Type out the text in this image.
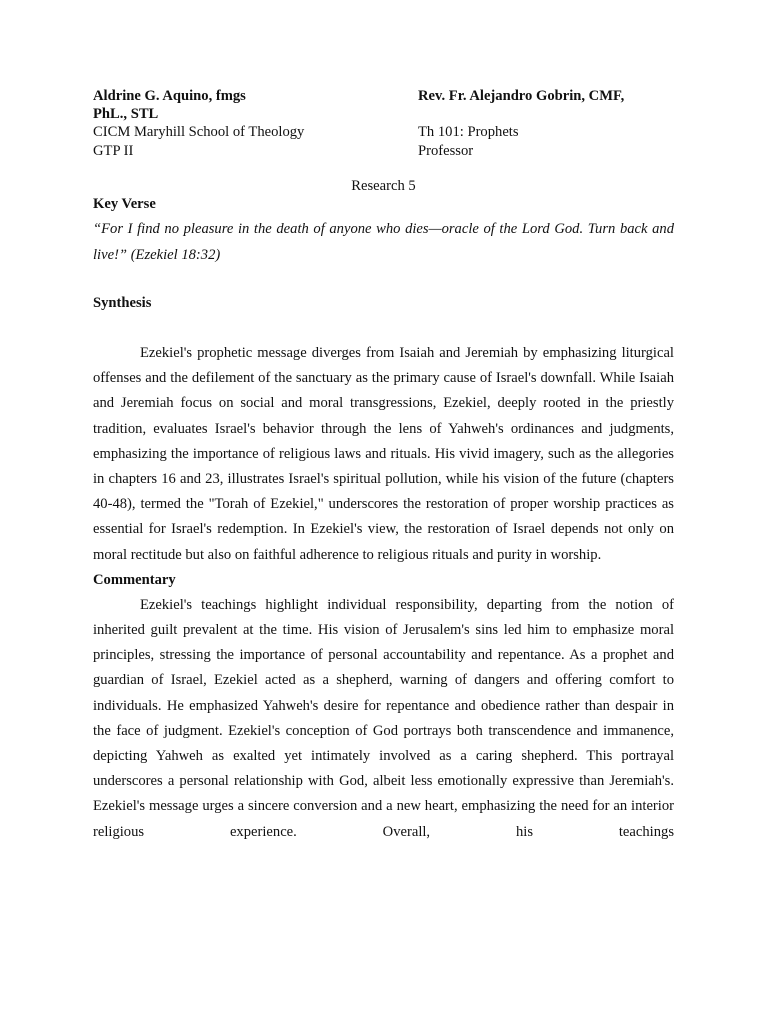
Aldrine G. Aquino, fmgs
PhL., STL
CICM Maryhill School of Theology
GTP II
Rev. Fr. Alejandro Gobrin, CMF,

Th 101: Prophets
Professor
Research 5
Key Verse
“For I find no pleasure in the death of anyone who dies—oracle of the Lord God. Turn back and live!” (Ezekiel 18:32)
Synthesis

Ezekiel's prophetic message diverges from Isaiah and Jeremiah by emphasizing liturgical offenses and the defilement of the sanctuary as the primary cause of Israel's downfall. While Isaiah and Jeremiah focus on social and moral transgressions, Ezekiel, deeply rooted in the priestly tradition, evaluates Israel's behavior through the lens of Yahweh's ordinances and judgments, emphasizing the importance of religious laws and rituals. His vivid imagery, such as the allegories in chapters 16 and 23, illustrates Israel's spiritual pollution, while his vision of the future (chapters 40-48), termed the "Torah of Ezekiel," underscores the restoration of proper worship practices as essential for Israel's redemption. In Ezekiel's view, the restoration of Israel depends not only on moral rectitude but also on faithful adherence to religious rituals and purity in worship.

Commentary

Ezekiel's teachings highlight individual responsibility, departing from the notion of inherited guilt prevalent at the time. His vision of Jerusalem's sins led him to emphasize moral principles, stressing the importance of personal accountability and repentance. As a prophet and guardian of Israel, Ezekiel acted as a shepherd, warning of dangers and offering comfort to individuals. He emphasized Yahweh's desire for repentance and obedience rather than despair in the face of judgment. Ezekiel's conception of God portrays both transcendence and immanence, depicting Yahweh as exalted yet intimately involved as a caring shepherd. This portrayal underscores a personal relationship with God, albeit less emotionally expressive than Jeremiah's. Ezekiel's message urges a sincere conversion and a new heart, emphasizing the need for an interior religious experience. Overall, his teachings
